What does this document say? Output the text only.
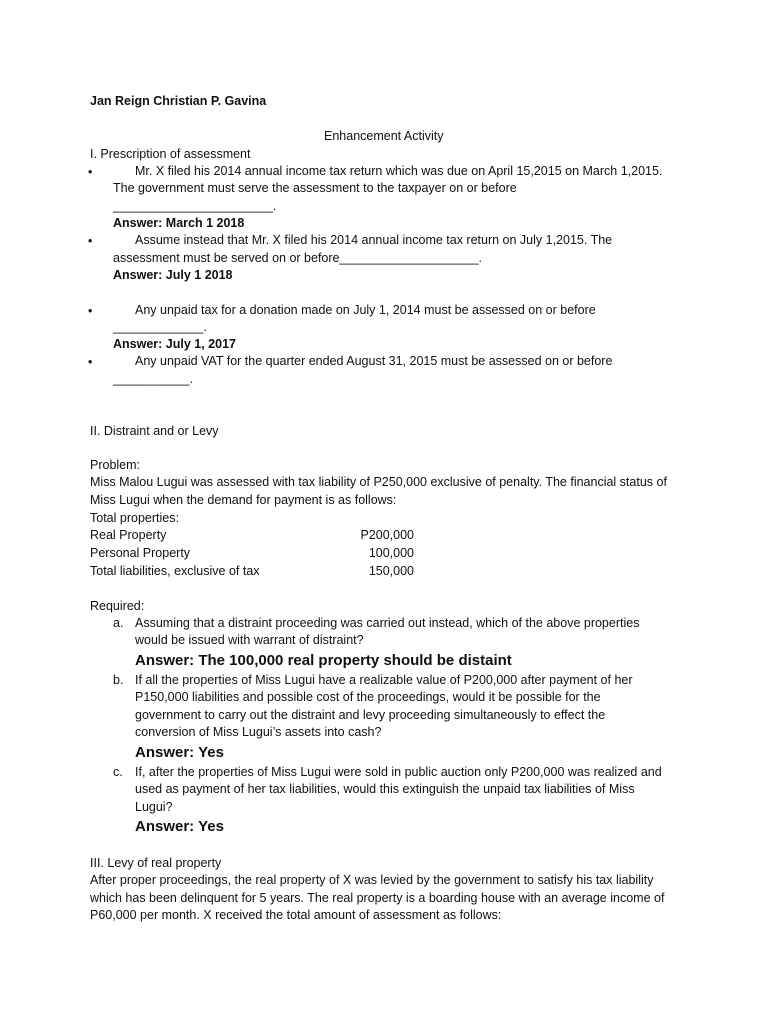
Jan Reign Christian P. Gavina
Enhancement Activity
I. Prescription of assessment
•	Mr. X filed his 2014 annual income tax return which was due on April 15,2015 on March 1,2015.
The government must serve the assessment to the taxpayer on or before
_______________________.
Answer: March 1 2018
•	Assume instead that Mr. X filed his 2014 annual income tax return on July 1,2015. The
assessment must be served on or before____________________.
Answer: July 1 2018
•	Any unpaid tax for a donation made on July 1, 2014 must be assessed on or before
_____________.
Answer: July 1, 2017
•	Any unpaid VAT for the quarter ended August 31, 2015 must be assessed on or before
___________.
II. Distraint and or Levy
Problem:
Miss Malou Lugui was assessed with tax liability of P250,000 exclusive of penalty. The financial status of
Miss Lugui when the demand for payment is as follows:
Total properties:
Real Property	P200,000
Personal Property	100,000
Total liabilities, exclusive of tax	150,000
Required:
a. Assuming that a distraint proceeding was carried out instead, which of the above properties
would be issued with warrant of distraint?
Answer: The 100,000 real property should be distaint
b. If all the properties of Miss Lugui have a realizable value of P200,000 after payment of her
P150,000 liabilities and possible cost of the proceedings, would it be possible for the
government to carry out the distraint and levy proceeding simultaneously to effect the
conversion of Miss Lugui’s assets into cash?
Answer: Yes
c. If, after the properties of Miss Lugui were sold in public auction only P200,000 was realized and
used as payment of her tax liabilities, would this extinguish the unpaid tax liabilities of Miss
Lugui?
Answer: Yes
III. Levy of real property
After proper proceedings, the real property of X was levied by the government to satisfy his tax liability
which has been delinquent for 5 years. The real property is a boarding house with an average income of
P60,000 per month. X received the total amount of assessment as follows:
